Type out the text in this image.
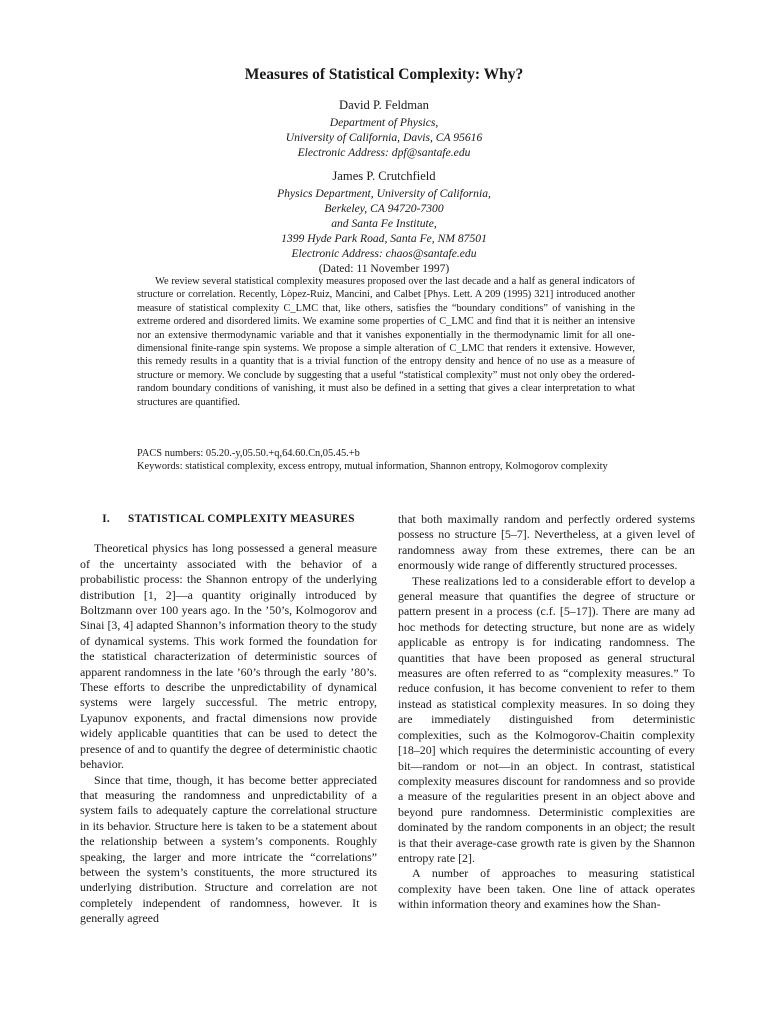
Measures of Statistical Complexity: Why?
David P. Feldman
Department of Physics,
University of California, Davis, CA 95616
Electronic Address: dpf@santafe.edu
James P. Crutchfield
Physics Department, University of California,
Berkeley, CA 94720-7300
and Santa Fe Institute,
1399 Hyde Park Road, Santa Fe, NM 87501
Electronic Address: chaos@santafe.edu
(Dated: 11 November 1997)

We review several statistical complexity measures proposed over the last decade and a half as general indicators of structure or correlation. Recently, Lòpez-Ruiz, Mancini, and Calbet [Phys. Lett. A 209 (1995) 321] introduced another measure of statistical complexity C_LMC that, like others, satisfies the “boundary conditions” of vanishing in the extreme ordered and disordered limits. We examine some properties of C_LMC and find that it is neither an intensive nor an extensive thermodynamic variable and that it vanishes exponentially in the thermodynamic limit for all one-dimensional finite-range spin systems. We propose a simple alteration of C_LMC that renders it extensive. However, this remedy results in a quantity that is a trivial function of the entropy density and hence of no use as a measure of structure or memory. We conclude by suggesting that a useful “statistical complexity” must not only obey the ordered-random boundary conditions of vanishing, it must also be defined in a setting that gives a clear interpretation to what structures are quantified.

PACS numbers: 05.20.-y,05.50.+q,64.60.Cn,05.45.+b
Keywords: statistical complexity, excess entropy, mutual information, Shannon entropy, Kolmogorov complexity
I. STATISTICAL COMPLEXITY MEASURES

Theoretical physics has long possessed a general measure of the uncertainty associated with the behavior of a probabilistic process: the Shannon entropy of the underlying distribution [1, 2]—a quantity originally introduced by Boltzmann over 100 years ago. In the ’50’s, Kolmogorov and Sinai [3, 4] adapted Shannon’s information theory to the study of dynamical systems. This work formed the foundation for the statistical characterization of deterministic sources of apparent randomness in the late ’60’s through the early ’80’s. These efforts to describe the unpredictability of dynamical systems were largely successful. The metric entropy, Lyapunov exponents, and fractal dimensions now provide widely applicable quantities that can be used to detect the presence of and to quantify the degree of deterministic chaotic behavior.

Since that time, though, it has become better appreciated that measuring the randomness and unpredictability of a system fails to adequately capture the correlational structure in its behavior. Structure here is taken to be a statement about the relationship between a system’s components. Roughly speaking, the larger and more intricate the “correlations” between the system’s constituents, the more structured its underlying distribution. Structure and correlation are not completely independent of randomness, however. It is generally agreed

that both maximally random and perfectly ordered systems possess no structure [5–7]. Nevertheless, at a given level of randomness away from these extremes, there can be an enormously wide range of differently structured processes.

These realizations led to a considerable effort to develop a general measure that quantifies the degree of structure or pattern present in a process (c.f. [5–17]). There are many ad hoc methods for detecting structure, but none are as widely applicable as entropy is for indicating randomness. The quantities that have been proposed as general structural measures are often referred to as “complexity measures.” To reduce confusion, it has become convenient to refer to them instead as statistical complexity measures. In so doing they are immediately distinguished from deterministic complexities, such as the Kolmogorov-Chaitin complexity [18–20] which requires the deterministic accounting of every bit—random or not—in an object. In contrast, statistical complexity measures discount for randomness and so provide a measure of the regularities present in an object above and beyond pure randomness. Deterministic complexities are dominated by the random components in an object; the result is that their average-case growth rate is given by the Shannon entropy rate [2].

A number of approaches to measuring statistical complexity have been taken. One line of attack operates within information theory and examines how the Shan-
